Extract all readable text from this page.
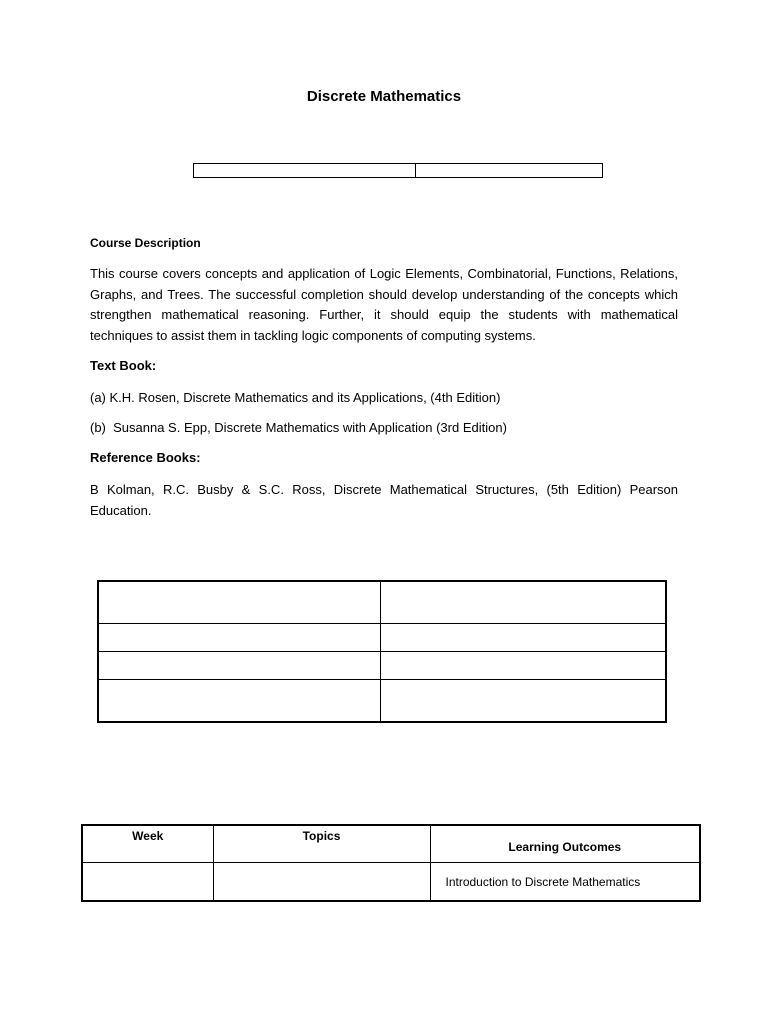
Discrete Mathematics
Course Description
This course covers concepts and application of Logic Elements, Combinatorial, Functions, Relations, Graphs, and Trees. The successful completion should develop understanding of the concepts which strengthen mathematical reasoning. Further, it should equip the students with mathematical techniques to assist them in tackling logic components of computing systems.
Text Book:
(a) K.H. Rosen, Discrete Mathematics and its Applications, (4th Edition)
(b)  Susanna S. Epp, Discrete Mathematics with Application (3rd Edition)
Reference Books:
B Kolman, R.C. Busby & S.C. Ross, Discrete Mathematical Structures, (5th Edition) Pearson Education.

Week	Topics	Learning Outcomes
		Introduction to Discrete Mathematics
